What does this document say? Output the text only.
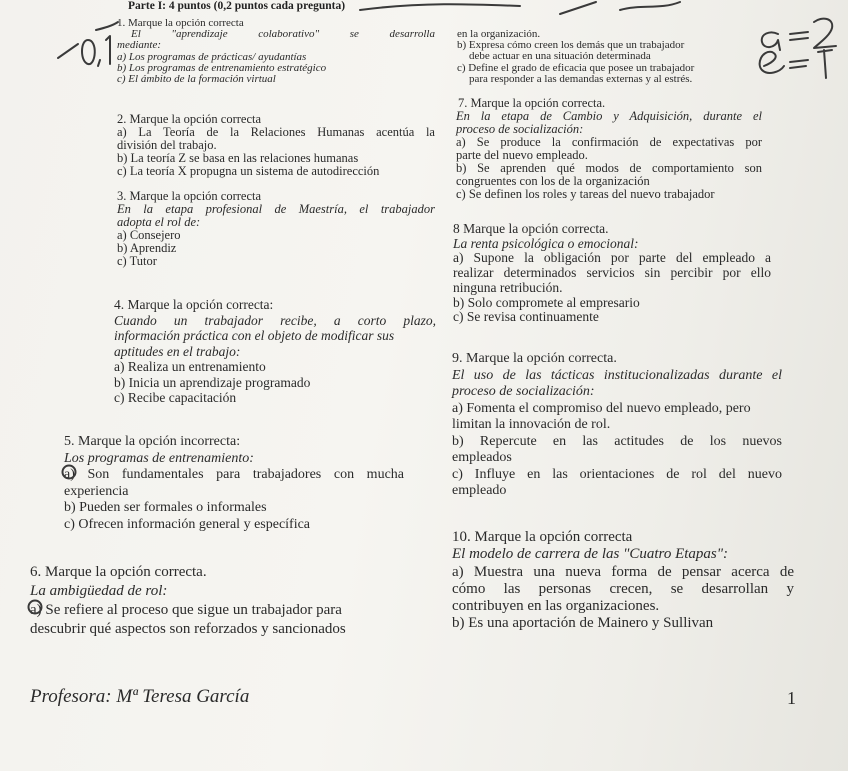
Parte I: 4 puntos (0,2 puntos cada pregunta)
1. Marque la opción correcta
El "aprendizaje colaborativo" se desarrolla
mediante:
a) Los programas de prácticas/ ayudantías
b) Los programas de entrenamiento estratégico
c) El ámbito de la formación virtual
2. Marque la opción correcta
a) La Teoría de la Relaciones Humanas acentúa la
división del trabajo.
b) La teoría Z se basa en las relaciones humanas
c) La teoría X propugna un sistema de autodirección
3. Marque la opción correcta
En la etapa profesional de Maestría, el trabajador
adopta el rol de:
a) Consejero
b) Aprendiz
c) Tutor
4. Marque la opción correcta:
Cuando un trabajador recibe, a corto plazo,
información práctica con el objeto de modificar sus
aptitudes en el trabajo:
a) Realiza un entrenamiento
b) Inicia un aprendizaje programado
c) Recibe capacitación
5. Marque la opción incorrecta:
Los programas de entrenamiento:
a) Son fundamentales para trabajadores con mucha
experiencia
b) Pueden ser formales o informales
c) Ofrecen información general y específica
6. Marque la opción correcta.
La ambigüedad de rol:
a) Se refiere al proceso que sigue un trabajador para
descubrir qué aspectos son reforzados y sancionados
en la organización.
b) Expresa cómo creen los demás que un trabajador
debe actuar en una situación determinada
c) Define el grado de eficacia que posee un trabajador
para responder a las demandas externas y al estrés.
7. Marque la opción correcta.
En la etapa de Cambio y Adquisición, durante el
proceso de socialización:
a) Se produce la confirmación de expectativas por
parte del nuevo empleado.
b) Se aprenden qué modos de comportamiento son
congruentes con los de la organización
c) Se definen los roles y tareas del nuevo trabajador
8 Marque la opción correcta.
La renta psicológica o emocional:
a) Supone la obligación por parte del empleado a
realizar determinados servicios sin percibir por ello
ninguna retribución.
b) Solo compromete al empresario
c) Se revisa continuamente
9. Marque la opción correcta.
El uso de las tácticas institucionalizadas durante el
proceso de socialización:
a) Fomenta el compromiso del nuevo empleado, pero
limitan la innovación de rol.
b) Repercute en las actitudes de los nuevos
empleados
c) Influye en las orientaciones de rol del nuevo
empleado
10. Marque la opción correcta
El modelo de carrera de las "Cuatro Etapas":
a) Muestra una nueva forma de pensar acerca de
cómo las personas crecen, se desarrollan y
contribuyen en las organizaciones.
b) Es una aportación de Mainero y Sullivan
Profesora: Mª Teresa García	1
